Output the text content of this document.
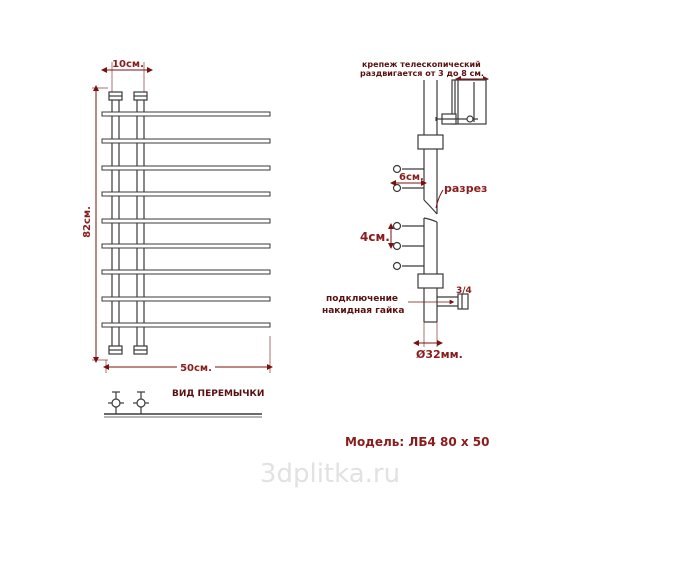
10см.
82см.
50см.
ВИД ПЕРЕМЫЧКИ
крепеж телескопический
раздвигается от 3 до 8 см.
6см.
разрез
4см.
3/4
подключение
накидная гайка
Ø32мм.
Модель: ЛБ4 80 х 50
3dplitka.ru
